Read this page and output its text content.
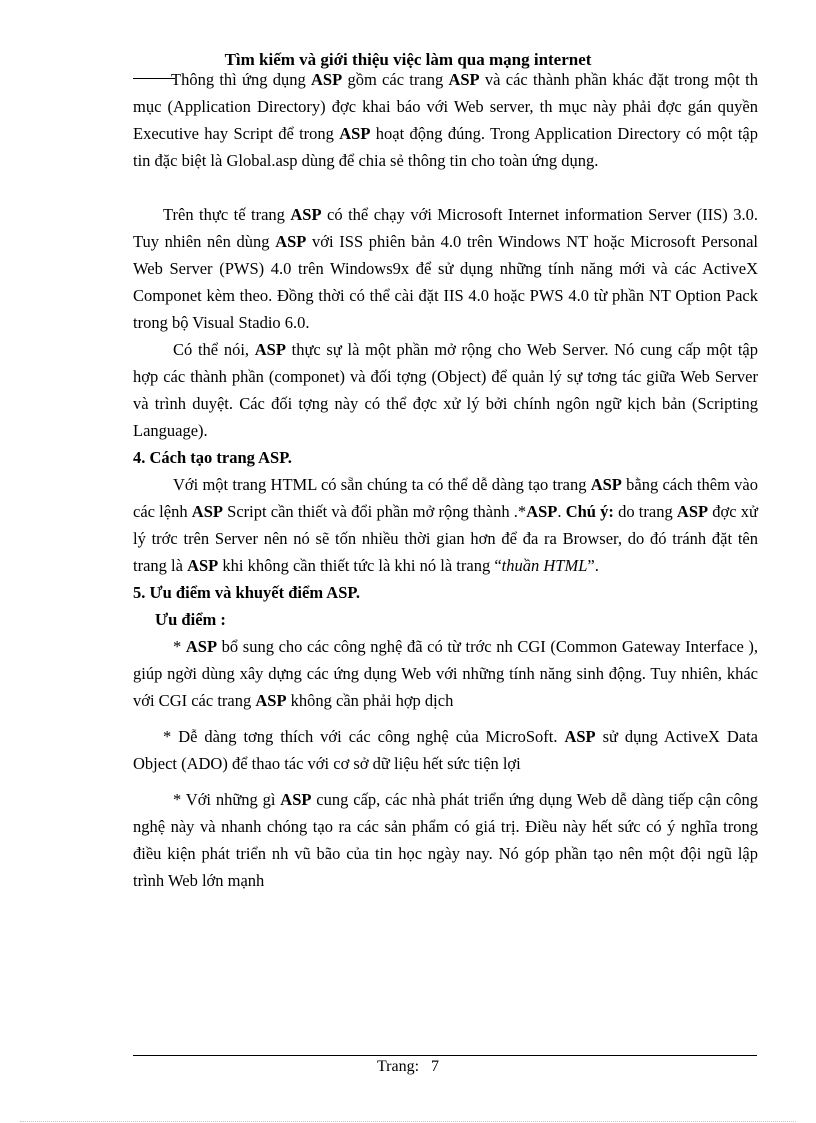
Tìm kiếm và giới thiệu việc làm qua mạng internet

Thông thì ứng dụng ASP gồm các trang ASP và các thành phần khác đặt trong một th mục (Application Directory) đợc khai báo với Web server, th mục này phải đợc gán quyền Executive hay Script để trong ASP hoạt động đúng. Trong Application Directory có một tập tin đặc biệt là Global.asp dùng để chia sẻ thông tin cho toàn ứng dụng.

Trên thực tế trang ASP có thể chạy với Microsoft Internet information Server (IIS) 3.0. Tuy nhiên nên dùng ASP với ISS phiên bản 4.0 trên Windows NT hoặc Microsoft Personal Web Server (PWS) 4.0 trên Windows9x để sử dụng những tính năng mới và các ActiveX Componet kèm theo. Đồng thời có thể cài đặt IIS 4.0 hoặc PWS 4.0 từ phần NT Option Pack trong bộ Visual Stadio 6.0.

Có thể nói, ASP thực sự là một phần mở rộng cho Web Server. Nó cung cấp một tập hợp các thành phần (componet) và đối tợng (Object) để quản lý sự tơng tác giữa Web Server và trình duyệt. Các đối tợng này có thể đợc xử lý bởi chính ngôn ngữ kịch bản (Scripting Language).

4. Cách tạo trang ASP.

Với một trang HTML có sẵn chúng ta có thể dễ dàng tạo trang ASP bằng cách thêm vào các lệnh ASP Script cần thiết và đổi phần mở rộng thành .*ASP. Chú ý: do trang ASP đợc xử lý trớc trên Server nên nó sẽ tốn nhiều thời gian hơn để đa ra Browser, do đó tránh đặt tên trang là ASP khi không cần thiết tức là khi nó là trang “thuần HTML”.

5. Ưu điểm và khuyết điểm ASP.

Ưu điểm :

* ASP bổ sung cho các công nghệ đã có từ trớc nh CGI (Common Gateway Interface ), giúp ngời dùng xây dựng các ứng dụng Web với những tính năng sinh động. Tuy nhiên, khác với CGI các trang ASP không cần phải hợp dịch

* Dễ dàng tơng thích với các công nghệ của MicroSoft. ASP sử dụng ActiveX Data Object (ADO) để thao tác với cơ sở dữ liệu hết sức tiện lợi

* Với những gì ASP cung cấp, các nhà phát triển ứng dụng Web dễ dàng tiếp cận công nghệ này và nhanh chóng tạo ra các sản phẩm có giá trị. Điều này hết sức có ý nghĩa trong điều kiện phát triển nh vũ bão của tin học ngày nay. Nó góp phần tạo nên một đội ngũ lập trình Web lớn mạnh

Trang: 7
